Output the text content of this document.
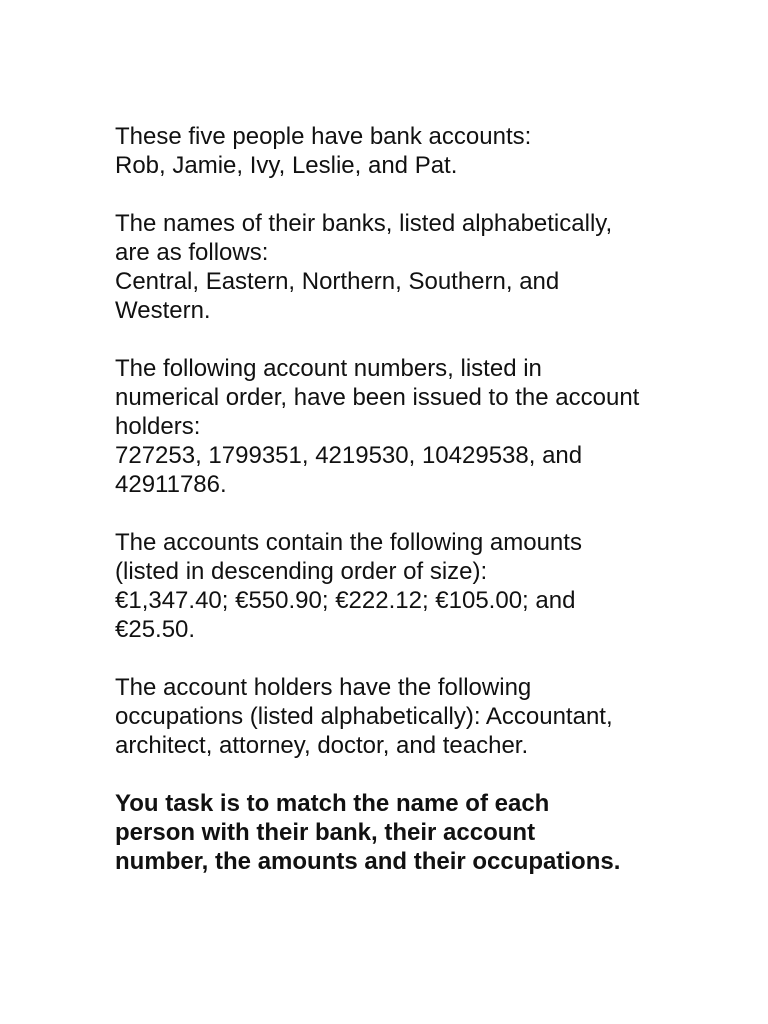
These five people have bank accounts:
Rob, Jamie, Ivy, Leslie, and Pat.

The names of their banks, listed alphabetically,
are as follows:
Central, Eastern, Northern, Southern, and
Western.

The following account numbers, listed in
numerical order, have been issued to the account
holders:
727253, 1799351, 4219530, 10429538, and
42911786.

The accounts contain the following amounts
(listed in descending order of size):
€1,347.40; €550.90; €222.12; €105.00; and
€25.50.

The account holders have the following
occupations (listed alphabetically): Accountant,
architect, attorney, doctor, and teacher.

You task is to match the name of each
person with their bank, their account
number, the amounts and their occupations.
